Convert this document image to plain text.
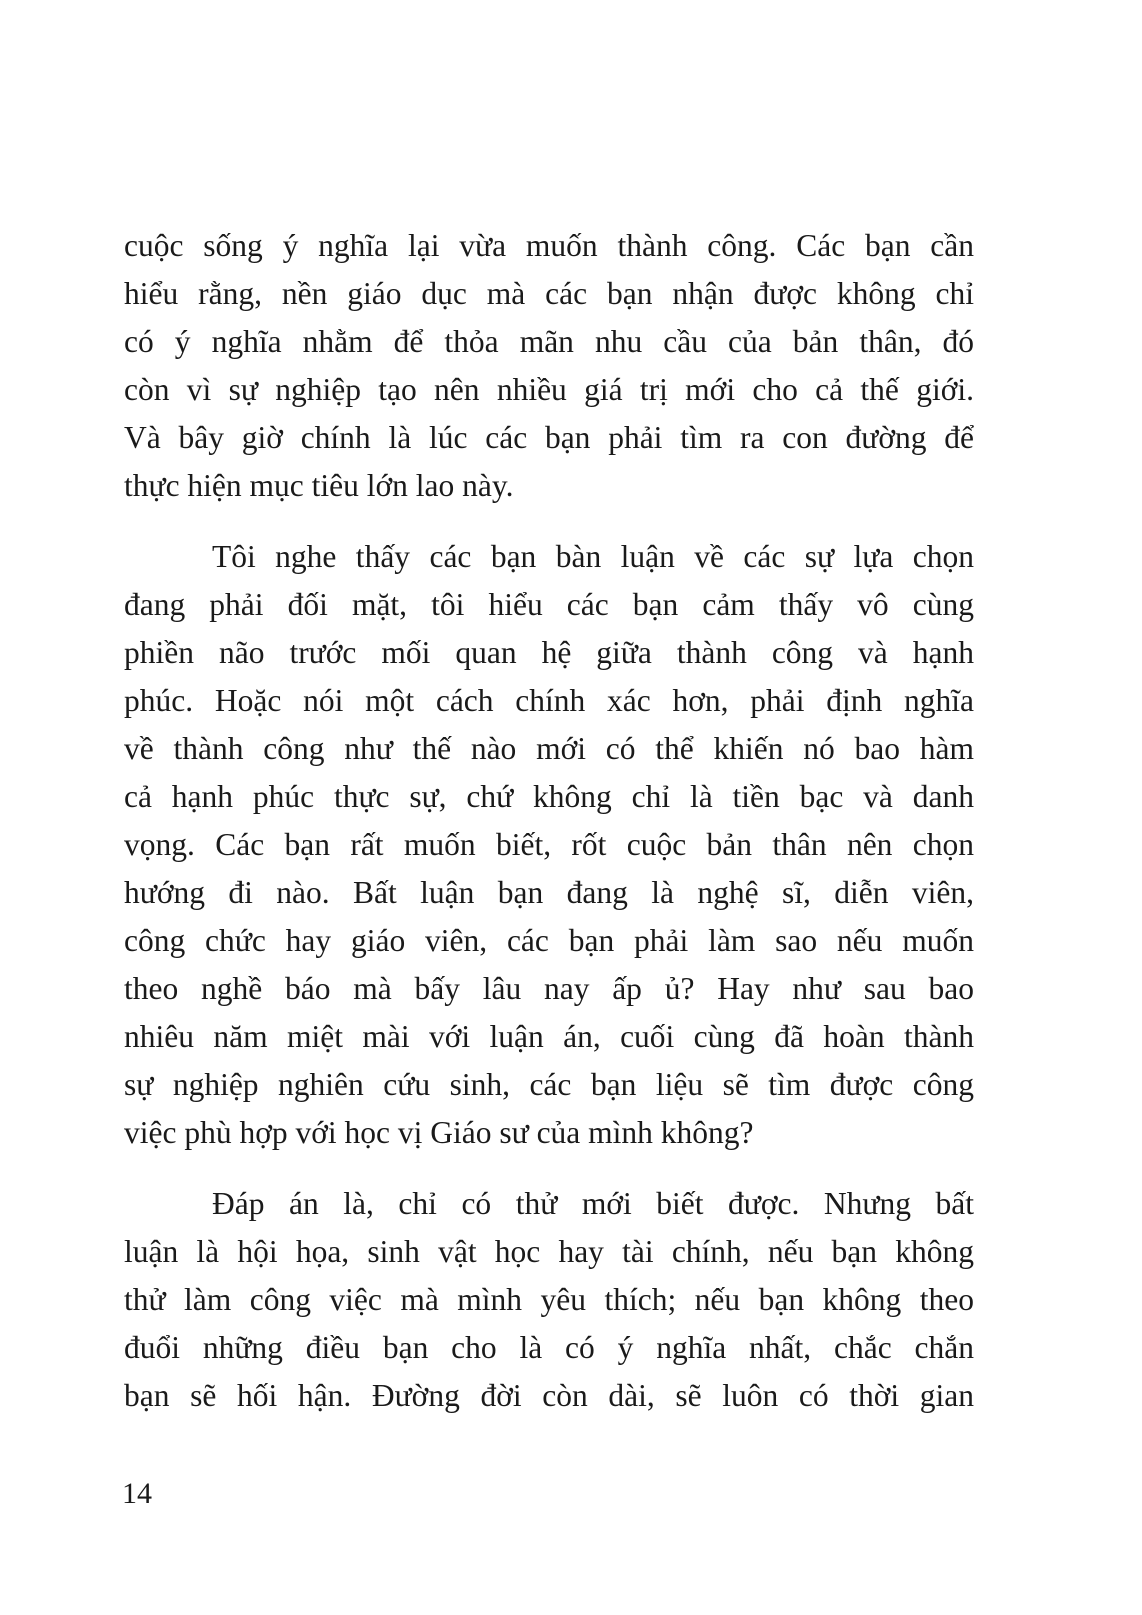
cuộc sống ý nghĩa lại vừa muốn thành công. Các bạn cần
hiểu rằng, nền giáo dục mà các bạn nhận được không chỉ
có ý nghĩa nhằm để thỏa mãn nhu cầu của bản thân, đó
còn vì sự nghiệp tạo nên nhiều giá trị mới cho cả thế giới.
Và bây giờ chính là lúc các bạn phải tìm ra con đường để
thực hiện mục tiêu lớn lao này.

Tôi nghe thấy các bạn bàn luận về các sự lựa chọn
đang phải đối mặt, tôi hiểu các bạn cảm thấy vô cùng
phiền não trước mối quan hệ giữa thành công và hạnh
phúc. Hoặc nói một cách chính xác hơn, phải định nghĩa
về thành công như thế nào mới có thể khiến nó bao hàm
cả hạnh phúc thực sự, chứ không chỉ là tiền bạc và danh
vọng. Các bạn rất muốn biết, rốt cuộc bản thân nên chọn
hướng đi nào. Bất luận bạn đang là nghệ sĩ, diễn viên,
công chức hay giáo viên, các bạn phải làm sao nếu muốn
theo nghề báo mà bấy lâu nay ấp ủ? Hay như sau bao
nhiêu năm miệt mài với luận án, cuối cùng đã hoàn thành
sự nghiệp nghiên cứu sinh, các bạn liệu sẽ tìm được công
việc phù hợp với học vị Giáo sư của mình không?

Đáp án là, chỉ có thử mới biết được. Nhưng bất
luận là hội họa, sinh vật học hay tài chính, nếu bạn không
thử làm công việc mà mình yêu thích; nếu bạn không theo
đuổi những điều bạn cho là có ý nghĩa nhất, chắc chắn
bạn sẽ hối hận. Đường đời còn dài, sẽ luôn có thời gian

14
